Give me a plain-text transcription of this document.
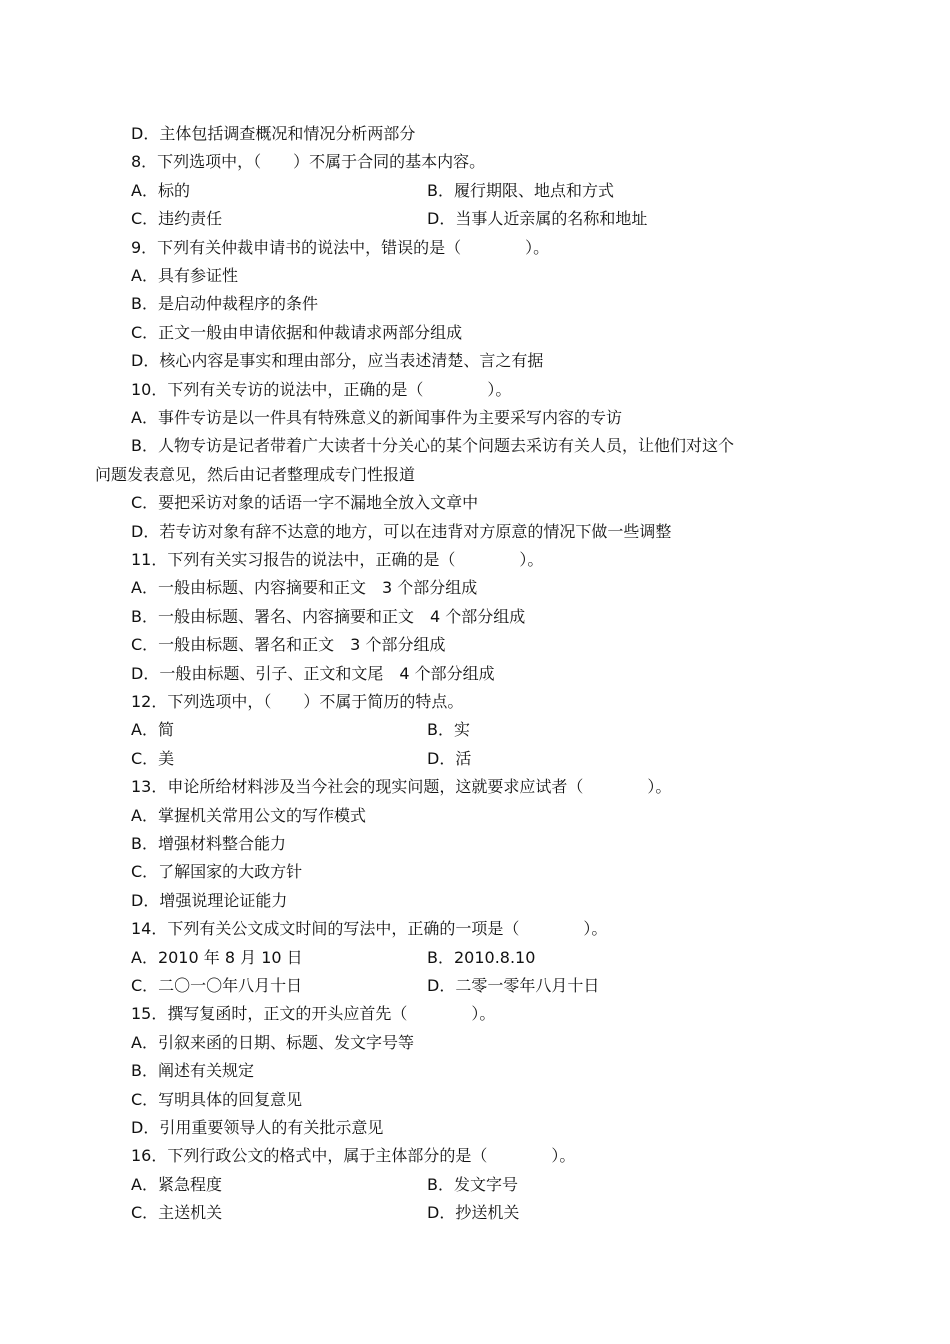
D．主体包括调查概况和情况分析两部分
8．下列选项中，（　　）不属于合同的基本内容。
A．标的	B．履行期限、地点和方式
C．违约责任	D．当事人近亲属的名称和地址
9．下列有关仲裁申请书的说法中，错误的是（　　　　）。
A．具有参证性
B．是启动仲裁程序的条件
C．正文一般由申请依据和仲裁请求两部分组成
D．核心内容是事实和理由部分，应当表述清楚、言之有据
10．下列有关专访的说法中，正确的是（　　　　）。
A．事件专访是以一件具有特殊意义的新闻事件为主要采写内容的专访
B．人物专访是记者带着广大读者十分关心的某个问题去采访有关人员，让他们对这个
问题发表意见，然后由记者整理成专门性报道
C．要把采访对象的话语一字不漏地全放入文章中
D．若专访对象有辞不达意的地方，可以在违背对方原意的情况下做一些调整
11．下列有关实习报告的说法中，正确的是（　　　　）。
A．一般由标题、内容摘要和正文　3 个部分组成
B．一般由标题、署名、内容摘要和正文　4 个部分组成
C．一般由标题、署名和正文　3 个部分组成
D．一般由标题、引子、正文和文尾　4 个部分组成
12．下列选项中，（　　）不属于简历的特点。
A．简	B．实
C．美	D．活
13．申论所给材料涉及当今社会的现实问题，这就要求应试者（　　　　）。
A．掌握机关常用公文的写作模式
B．增强材料整合能力
C．了解国家的大政方针
D．增强说理论证能力
14．下列有关公文成文时间的写法中，正确的一项是（　　　　）。
A．2010 年 8 月 10 日	B．2010.8.10
C．二〇一〇年八月十日	D．二零一零年八月十日
15．撰写复函时，正文的开头应首先（　　　　）。
A．引叙来函的日期、标题、发文字号等
B．阐述有关规定
C．写明具体的回复意见
D．引用重要领导人的有关批示意见
16．下列行政公文的格式中，属于主体部分的是（　　　　）。
A．紧急程度	B．发文字号
C．主送机关	D．抄送机关
